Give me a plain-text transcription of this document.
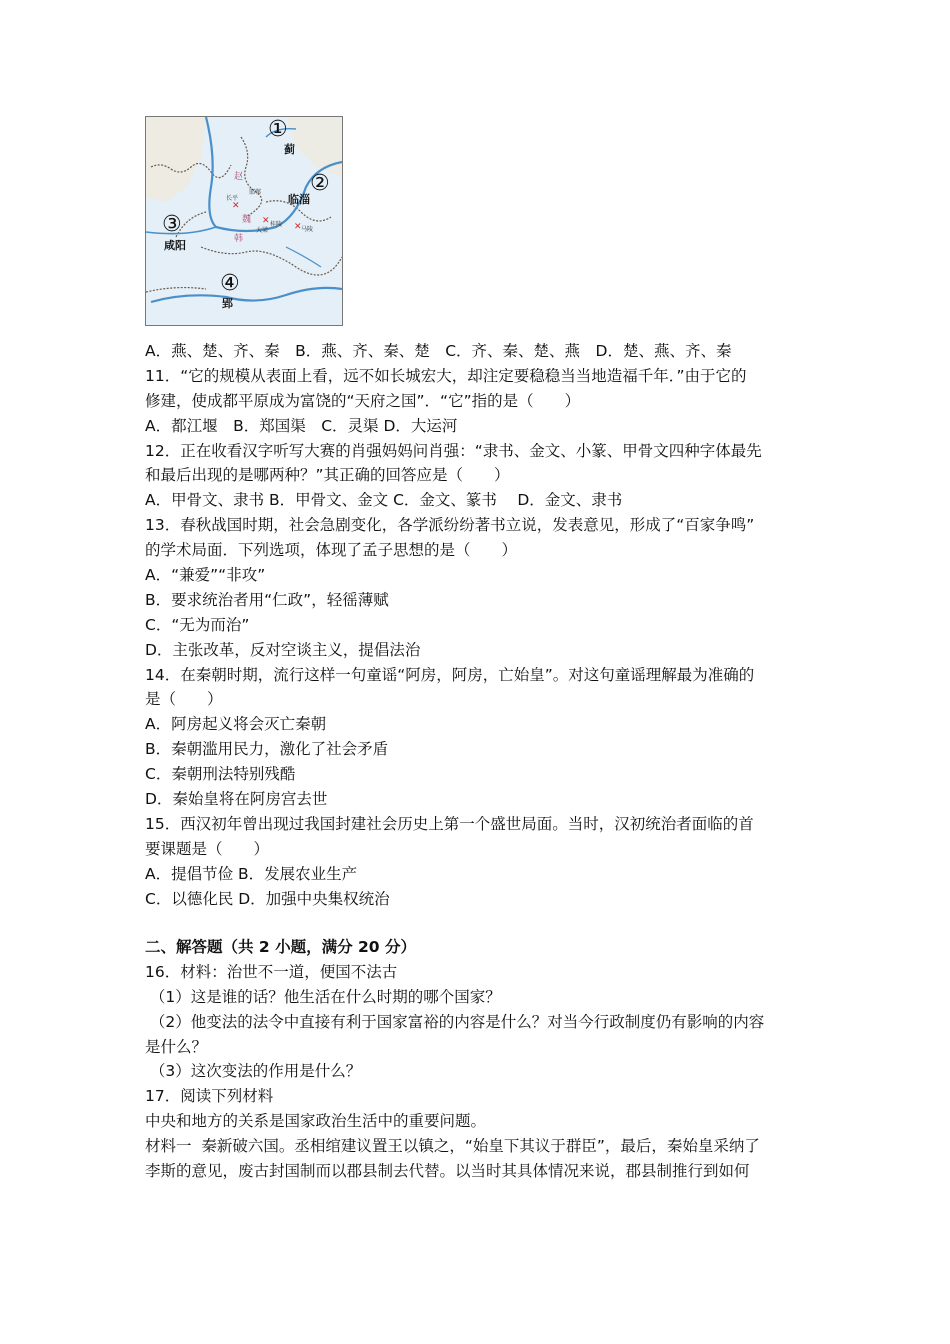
✕
✕
✕
①
②
③
④
蓟
临淄
咸阳
郢
赵
魏
韩
长平
邯郸
桂陵
大梁	马陵
A．燕、楚、齐、秦　B．燕、齐、秦、楚　C．齐、秦、楚、燕　D．楚、燕、齐、秦
11．“它的规模从表面上看，远不如长城宏大，却注定要稳稳当当地造福千年．”由于它的
修建，使成都平原成为富饶的“天府之国”．“它”指的是（　　）
A．都江堰　B．郑国渠　C．灵渠 D．大运河
12．正在收看汉字听写大赛的肖强妈妈问肖强：“隶书、金文、小篆、甲骨文四种字体最先
和最后出现的是哪两种？”其正确的回答应是（　　）
A．甲骨文、隶书 B．甲骨文、金文 C．金文、篆书　 D．金文、隶书
13．春秋战国时期，社会急剧变化，各学派纷纷著书立说，发表意见，形成了“百家争鸣”
的学术局面．下列选项，体现了孟子思想的是（　　）
A．“兼爱”“非攻”
B．要求统治者用“仁政”，轻徭薄赋
C．“无为而治”
D．主张改革，反对空谈主义，提倡法治
14．在秦朝时期，流行这样一句童谣“阿房，阿房，亡始皇”。对这句童谣理解最为准确的
是（　　）
A．阿房起义将会灭亡秦朝
B．秦朝滥用民力，激化了社会矛盾
C．秦朝刑法特别残酷
D．秦始皇将在阿房宫去世
15．西汉初年曾出现过我国封建社会历史上第一个盛世局面。当时，汉初统治者面临的首
要课题是（　　）
A．提倡节俭 B．发展农业生产
C．以德化民 D．加强中央集权统治
二、解答题（共 2 小题，满分 20 分）
16．材料：治世不一道，便国不法古
（1）这是谁的话？他生活在什么时期的哪个国家？
（2）他变法的法令中直接有利于国家富裕的内容是什么？对当今行政制度仍有影响的内容
是什么？
（3）这次变法的作用是什么？
17．阅读下列材料
中央和地方的关系是国家政治生活中的重要问题。
材料一  秦新破六国。丞相绾建议置王以镇之，“始皇下其议于群臣”，最后，秦始皇采纳了
李斯的意见，废古封国制而以郡县制去代替。以当时其具体情况来说，郡县制推行到如何
